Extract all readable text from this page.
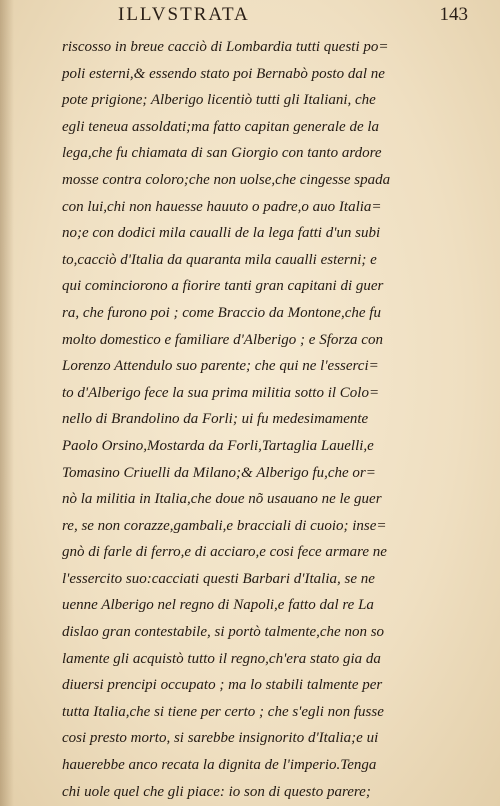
ILLVSTRATA	143
riscosso in breue cacciò di Lombardia tutti questi po=
poli esterni,& essendo stato poi Bernabò posto dal ne
pote prigione; Alberigo licentiò tutti gli Italiani, che
egli teneua assoldati;ma fatto capitan generale de la
lega,che fu chiamata di san Giorgio con tanto ardore
mosse contra coloro;che non uolse,che cingesse spada
con lui,chi non hauesse hauuto o padre,o auo Italia=
no;e con dodici mila caualli de la lega fatti d'un subi
to,cacciò d'Italia da quaranta mila caualli esterni; e
qui cominciorono a fiorire tanti gran capitani di guer
ra, che furono poi ; come Braccio da Montone,che fu
molto domestico e familiare d'Alberigo ; e Sforza con
Lorenzo Attendulo suo parente; che qui ne l'esserci=
to d'Alberigo fece la sua prima militia sotto il Colo=
nello di Brandolino da Forli; ui fu medesimamente
Paolo Orsino,Mostarda da Forli,Tartaglia Lauelli,e
Tomasino Criuelli da Milano;& Alberigo fu,che or=
nò la militia in Italia,che doue nõ usauano ne le guer
re, se non corazze,gambali,e bracciali di cuoio; inse=
gnò di farle di ferro,e di acciaro,e cosi fece armare ne
l'essercito suo:cacciati questi Barbari d'Italia, se ne
uenne Alberigo nel regno di Napoli,e fatto dal re La
dislao gran contestabile, si portò talmente,che non so
lamente gli acquistò tutto il regno,ch'era stato gia da
diuersi prencipi occupato ; ma lo stabili talmente per
tutta Italia,che si tiene per certo ; che s'egli non fusse
cosi presto morto, si sarebbe insignorito d'Italia;e ui
hauerebbe anco recata la dignita de l'imperio.Tenga
chi uole quel che gli piace: io son di questo parere;
